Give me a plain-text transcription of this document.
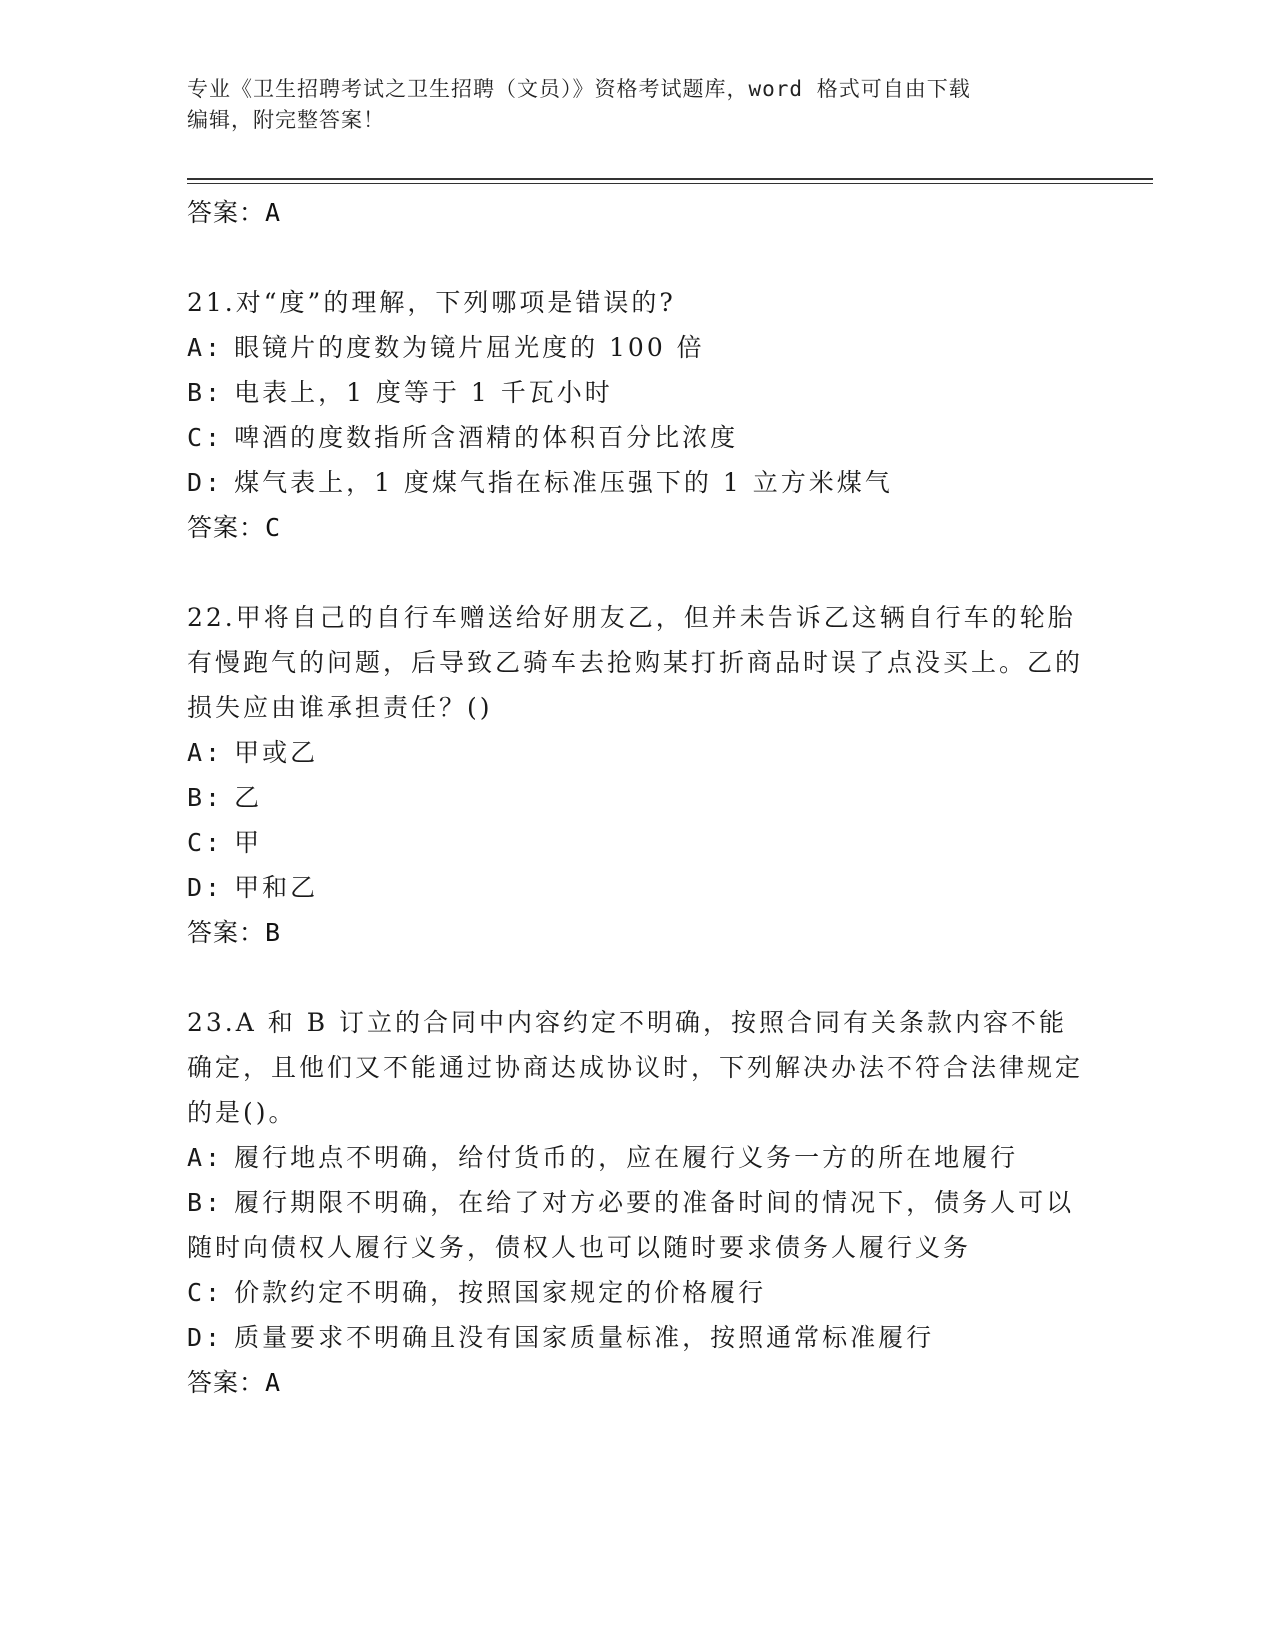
专业《卫生招聘考试之卫生招聘（文员）》资格考试题库，word 格式可自由下载
编辑，附完整答案！
答案：A
21.对“度”的理解，下列哪项是错误的?
A: 眼镜片的度数为镜片屈光度的 100 倍
B: 电表上，1 度等于 1 千瓦小时
C: 啤酒的度数指所含酒精的体积百分比浓度
D: 煤气表上，1 度煤气指在标准压强下的 1 立方米煤气
答案：C
22.甲将自己的自行车赠送给好朋友乙，但并未告诉乙这辆自行车的轮胎有慢跑气的问题，后导致乙骑车去抢购某打折商品时误了点没买上。乙的损失应由谁承担责任？()
A: 甲或乙
B: 乙
C: 甲
D: 甲和乙
答案：B
23.A 和 B 订立的合同中内容约定不明确，按照合同有关条款内容不能确定，且他们又不能通过协商达成协议时，下列解决办法不符合法律规定的是()。
A: 履行地点不明确，给付货币的，应在履行义务一方的所在地履行
B: 履行期限不明确，在给了对方必要的准备时间的情况下，债务人可以随时向债权人履行义务，债权人也可以随时要求债务人履行义务
C: 价款约定不明确，按照国家规定的价格履行
D: 质量要求不明确且没有国家质量标准，按照通常标准履行
答案：A
